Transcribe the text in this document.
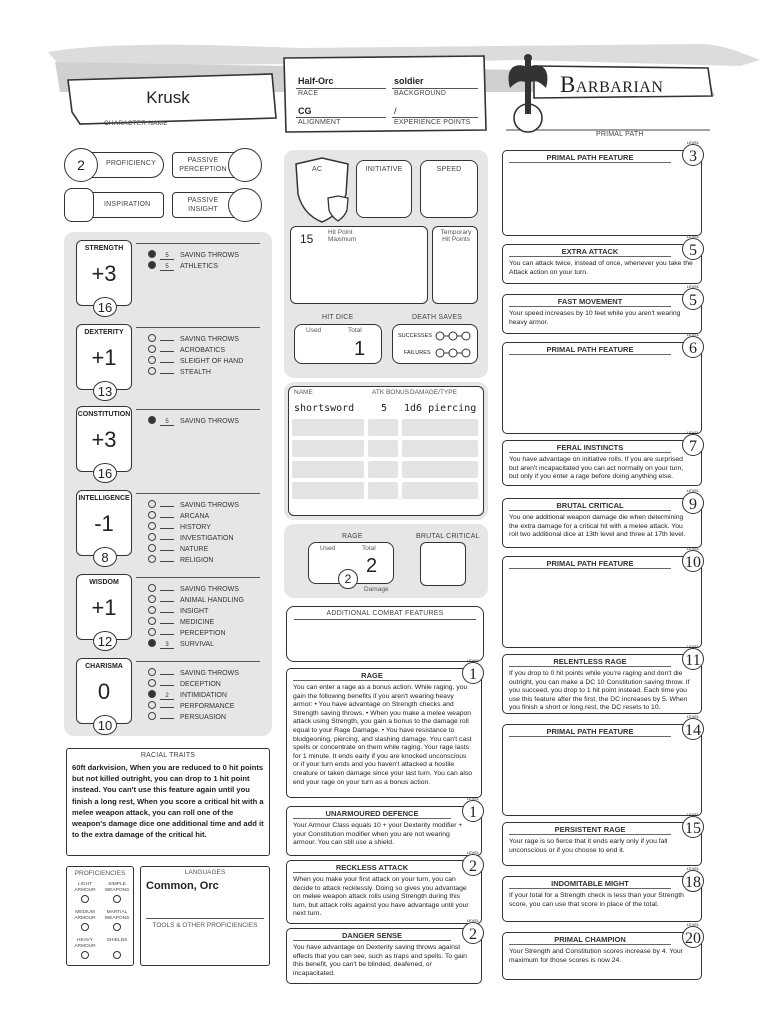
Krusk
CHARACTER NAME
Half-Orc
RACE
soldier
BACKGROUND
CG
ALIGNMENT
/
EXPERIENCE POINTS
Barbarian
PRIMAL PATH
2	PROFICIENCY	PASSIVE PERCEPTION
INSPIRATION
PASSIVE INSIGHT
STRENGTH
+3
16
5 SAVING THROWS
5 ATHLETICS
DEXTERITY
+1
13
SAVING THROWS
ACROBATICS
SLEIGHT OF HAND
STEALTH
CONSTITUTION
+3
16
5 SAVING THROWS
INTELLIGENCE
-1
8
SAVING THROWS
ARCANA
HISTORY
INVESTIGATION
NATURE
RELIGION
WISDOM
+1
12
SAVING THROWS
ANIMAL HANDLING
INSIGHT
MEDICINE
PERCEPTION
3 SURVIVAL
CHARISMA
0
10
SAVING THROWS
DECEPTION
2 INTIMIDATION
PERFORMANCE
PERSUASION
RACIAL TRAITS
60ft darkvision, When you are reduced to 0 hit points but not killed outright, you can drop to 1 hit point instead. You can't use this feature again until you finish a long rest, When you score a critical hit with a melee weapon attack, you can roll one of the weapon's damage dice one additional time and add it to the extra damage of the critical hit.
PROFICIENCIES
LIGHT ARMOUR
SIMPLE WEAPONS
MEDIUM ARMOUR
MARTIAL WEAPONS
HEAVY ARMOUR
SHIELDS
LANGUAGES
Common, Orc
TOOLS & OTHER PROFICIENCIES
AC	INITIATIVE	SPEED
15 Hit Point Maximum
Temporary Hit Points
HIT DICE
Used	Total
1
DEATH SAVES
SUCCESSES
FAILURES
NAME	ATK BONUS DAMAGE/TYPE
shortsword	5	1d6 piercing
RAGE
Used	Total
2
2
Damage
BRUTAL CRITICAL
ADDITIONAL COMBAT FEATURES
RAGE
You can enter a rage as a bonus action. While raging, you gain the following benefits if you aren't wearing heavy armor: • You have advantage on Strength checks and Strength saving throws. • When you make a melee weapon attack using Strength, you gain a bonus to the damage roll equal to your Rage Damage. • You have resistance to bludgeoning, piercing, and slashing damage. You can't cast spells or concentrate on them while raging. Your rage lasts for 1 minute. It ends early if you are knocked unconscious or if your turn ends and you haven't attacked a hostile creature or taken damage since your last turn. You can also end your rage on your turn as a bonus action.
LEVEL
1
UNARMOURED DEFENCE
Your Armour Class equals 10 + your Dexterity modifier + your Constitution modifier when you are not wearing armour. You can still use a shield.
LEVEL
1
RECKLESS ATTACK
When you make your first attack on your turn, you can decide to attack recklessly. Doing so gives you advantage on melee weapon attack rolls using Strength during this turn, but attack rolls against you have advantage until your next turn.
LEVEL
2
DANGER SENSE
You have advantage on Dexterity saving throws against effects that you can see, such as traps and spells. To gain this benefit, you can't be blinded, deafened, or incapacitated.
LEVEL
2
PRIMAL PATH FEATURE
LEVEL
3
EXTRA ATTACK
You can attack twice, instead of once, whenever you take the Attack action on your turn.
LEVEL
5
FAST MOVEMENT
Your speed increases by 10 feet while you aren't wearing heavy armor.
LEVEL
5
PRIMAL PATH FEATURE
LEVEL
6
FERAL INSTINCTS
You have advantage on initiative rolls. If you are surprised but aren't incapacitated you can act normally on your turn, but only if you enter a rage before doing anything else.
LEVEL
7
BRUTAL CRITICAL
You one additional weapon damage die when determining the extra damage for a critical hit with a melee attack. You roll two additional dice at 13th level and three at 17th level.
LEVEL
9
PRIMAL PATH FEATURE
LEVEL
10
RELENTLESS RAGE
If you drop to 0 hit points while you're raging and don't die outright, you can make a DC 10 Constitution saving throw. If you succeed, you drop to 1 hit point instead. Each time you use this feature after the first, the DC increases by 5. When you finish a short or long rest, the DC resets to 10.
LEVEL
11
PRIMAL PATH FEATURE
LEVEL
14
PERSISTENT RAGE
Your rage is so fierce that it ends early only if you fall unconscious or if you choose to end it.
LEVEL
15
INDOMITABLE MIGHT
If your total for a Strength check is less than your Strength score, you can use that score in place of the total.
LEVEL
18
PRIMAL CHAMPION
Your Strength and Constitution scores increase by 4. Your maximum for those scores is now 24.
LEVEL
20
